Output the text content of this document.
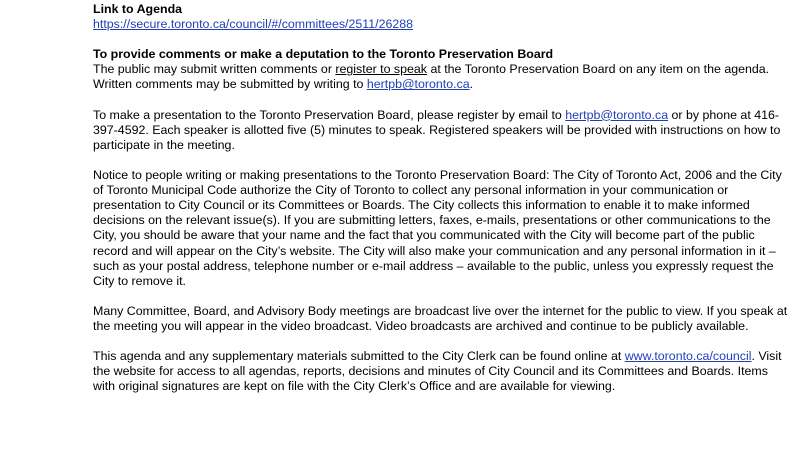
Link to Agenda

https://secure.toronto.ca/council/#/committees/2511/26288

To provide comments or make a deputation to the Toronto Preservation Board

The public may submit written comments or register to speak at the Toronto Preservation Board on any item on the agenda. Written comments may be submitted by writing to hertpb@toronto.ca.

To make a presentation to the Toronto Preservation Board, please register by email to hertpb@toronto.ca or by phone at 416-397-4592. Each speaker is allotted five (5) minutes to speak. Registered speakers will be provided with instructions on how to participate in the meeting.

Notice to people writing or making presentations to the Toronto Preservation Board: The City of Toronto Act, 2006 and the City of Toronto Municipal Code authorize the City of Toronto to collect any personal information in your communication or presentation to City Council or its Committees or Boards. The City collects this information to enable it to make informed decisions on the relevant issue(s). If you are submitting letters, faxes, e-mails, presentations or other communications to the City, you should be aware that your name and the fact that you communicated with the City will become part of the public record and will appear on the City’s website. The City will also make your communication and any personal information in it – such as your postal address, telephone number or e-mail address – available to the public, unless you expressly request the City to remove it.

Many Committee, Board, and Advisory Body meetings are broadcast live over the internet for the public to view. If you speak at the meeting you will appear in the video broadcast. Video broadcasts are archived and continue to be publicly available.

This agenda and any supplementary materials submitted to the City Clerk can be found online at www.toronto.ca/council. Visit the website for access to all agendas, reports, decisions and minutes of City Council and its Committees and Boards. Items with original signatures are kept on file with the City Clerk’s Office and are available for viewing.
